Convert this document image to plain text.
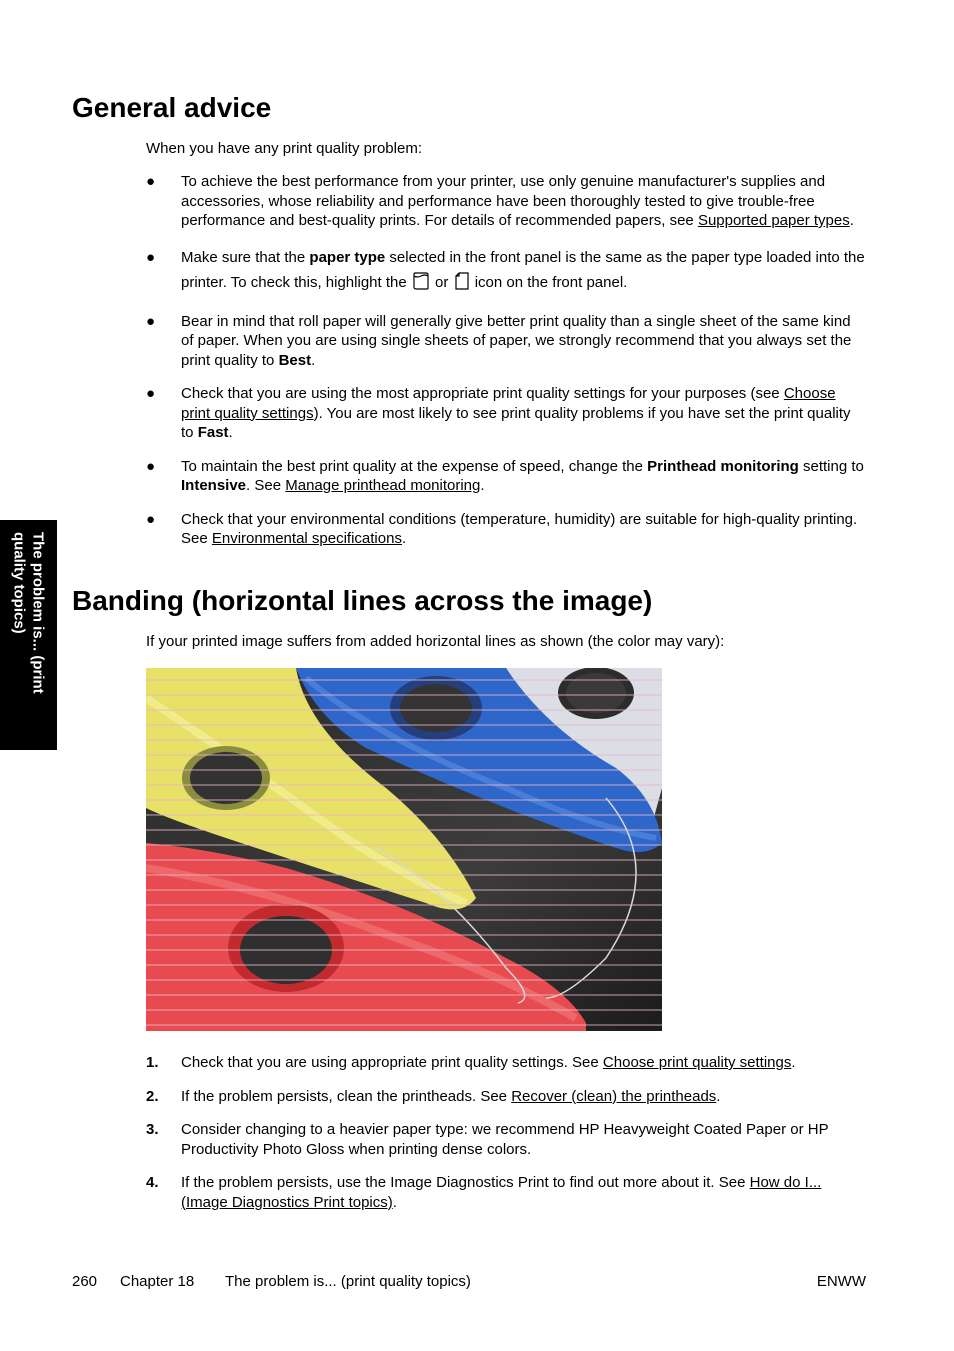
The problem is... (print
quality topics)
General advice

When you have any print quality problem:

● To achieve the best performance from your printer, use only genuine manufacturer's supplies and accessories, whose reliability and performance have been thoroughly tested to give trouble-free performance and best-quality prints. For details of recommended papers, see Supported paper types.
● Make sure that the paper type selected in the front panel is the same as the paper type loaded into the printer. To check this, highlight the  or  icon on the front panel.
● Bear in mind that roll paper will generally give better print quality than a single sheet of the same kind of paper. When you are using single sheets of paper, we strongly recommend that you always set the print quality to Best.
● Check that you are using the most appropriate print quality settings for your purposes (see Choose print quality settings). You are most likely to see print quality problems if you have set the print quality to Fast.
● To maintain the best print quality at the expense of speed, change the Printhead monitoring setting to Intensive. See Manage printhead monitoring.
● Check that your environmental conditions (temperature, humidity) are suitable for high-quality printing. See Environmental specifications.
Banding (horizontal lines across the image)

If your printed image suffers from added horizontal lines as shown (the color may vary):

1. Check that you are using appropriate print quality settings. See Choose print quality settings.
2. If the problem persists, clean the printheads. See Recover (clean) the printheads.
3. Consider changing to a heavier paper type: we recommend HP Heavyweight Coated Paper or HP Productivity Photo Gloss when printing dense colors.
4. If the problem persists, use the Image Diagnostics Print to find out more about it. See How do I... (Image Diagnostics Print topics).
260 Chapter 18 The problem is... (print quality topics)	ENWW
